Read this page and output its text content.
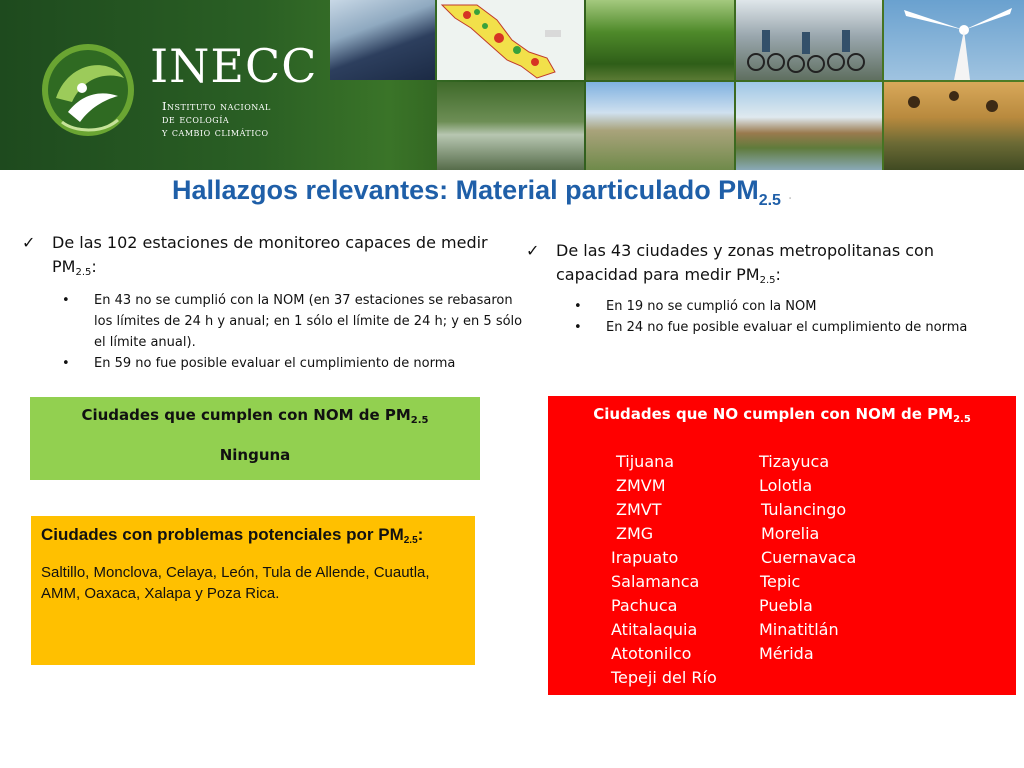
INECC
Instituto nacional
de ecología
y cambio climático
Hallazgos relevantes: Material particulado $PM_{2.5}$ .
✓ De las 102 estaciones de monitoreo capaces de medir $PM_{2.5}$:
• En 43 no se cumplió con la NOM (en 37 estaciones se rebasaron los límites de 24 h y anual; en 1 sólo el límite de 24 h; y en 5 sólo el límite anual).
• En 59 no fue posible evaluar el cumplimiento de norma
✓ De las 43 ciudades y zonas metropolitanas con capacidad para medir $PM_{2.5}$:
• En 19 no se cumplió con la NOM
• En 24 no fue posible evaluar el cumplimiento de norma
Ciudades que cumplen con NOM de $PM_{2.5}$
Ninguna
Ciudades con problemas potenciales por $PM_{2.5}$:
Saltillo, Monclova, Celaya, León, Tula de Allende, Cuautla, AMM, Oaxaca, Xalapa y Poza Rica.
Ciudades que NO cumplen con NOM de $PM_{2.5}$
Tijuana
ZMVM
ZMVT
ZMG
Irapuato
Salamanca
Pachuca
Atitalaquia
Atotonilco
Tepeji del Río
Tizayuca
Lolotla
Tulancingo
Morelia
Cuernavaca
Tepic
Puebla
Minatitlán
Mérida
